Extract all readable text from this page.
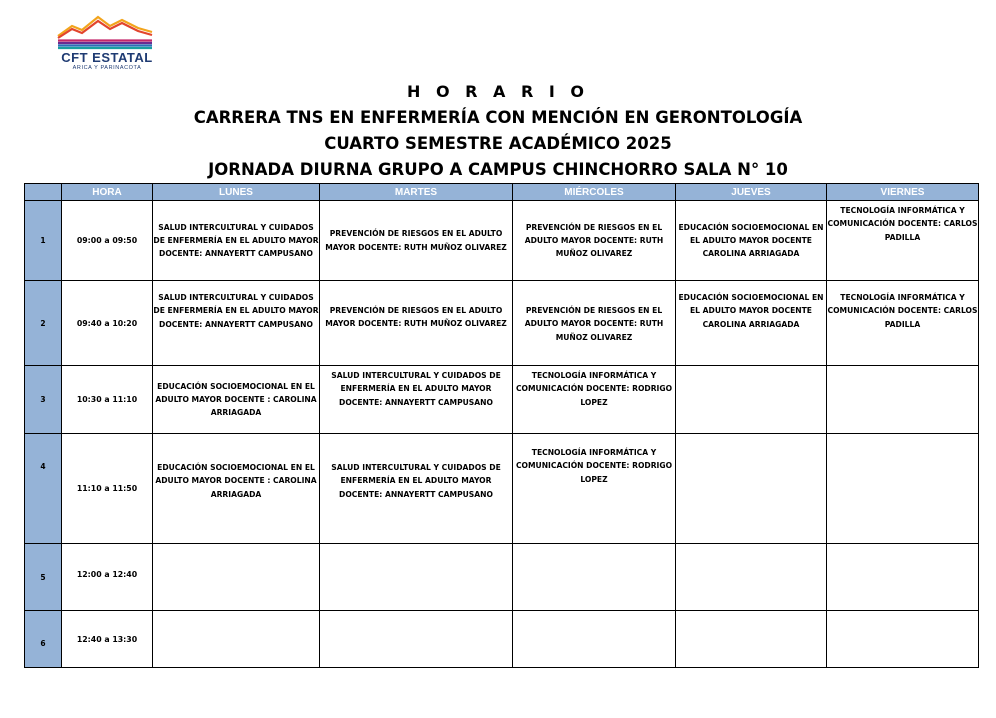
CFT ESTATAL
ARICA Y PARINACOTA
H O R A R I O
CARRERA TNS EN ENFERMERÍA CON MENCIÓN EN GERONTOLOGÍA
CUARTO SEMESTRE ACADÉMICO 2025
JORNADA DIURNA GRUPO A CAMPUS CHINCHORRO SALA N° 10
	HORA	LUNES	MARTES	MIÉRCOLES	JUEVES	VIERNES
1	09:00 a 09:50	SALUD INTERCULTURAL Y CUIDADOS DE ENFERMERÍA EN EL ADULTO MAYOR DOCENTE: ANNAYERTT CAMPUSANO	PREVENCIÓN DE RIESGOS EN EL ADULTO MAYOR DOCENTE: RUTH MUÑOZ OLIVAREZ	PREVENCIÓN DE RIESGOS EN EL ADULTO MAYOR DOCENTE: RUTH MUÑOZ OLIVAREZ	EDUCACIÓN SOCIOEMOCIONAL EN EL ADULTO MAYOR DOCENTE CAROLINA ARRIAGADA	TECNOLOGÍA INFORMÁTICA Y COMUNICACIÓN DOCENTE: CARLOS PADILLA
2	09:40 a 10:20	SALUD INTERCULTURAL Y CUIDADOS DE ENFERMERÍA EN EL ADULTO MAYOR DOCENTE: ANNAYERTT CAMPUSANO	PREVENCIÓN DE RIESGOS EN EL ADULTO MAYOR DOCENTE: RUTH MUÑOZ OLIVAREZ	PREVENCIÓN DE RIESGOS EN EL ADULTO MAYOR DOCENTE: RUTH MUÑOZ OLIVAREZ	EDUCACIÓN SOCIOEMOCIONAL EN EL ADULTO MAYOR DOCENTE CAROLINA ARRIAGADA	TECNOLOGÍA INFORMÁTICA Y COMUNICACIÓN DOCENTE: CARLOS PADILLA
3	10:30 a 11:10	EDUCACIÓN SOCIOEMOCIONAL EN EL ADULTO MAYOR DOCENTE : CAROLINA ARRIAGADA	SALUD INTERCULTURAL Y CUIDADOS DE ENFERMERÍA EN EL ADULTO MAYOR DOCENTE: ANNAYERTT CAMPUSANO	TECNOLOGÍA INFORMÁTICA Y COMUNICACIÓN DOCENTE: RODRIGO LOPEZ		
4	11:10 a 11:50	EDUCACIÓN SOCIOEMOCIONAL EN EL ADULTO MAYOR DOCENTE : CAROLINA ARRIAGADA	SALUD INTERCULTURAL Y CUIDADOS DE ENFERMERÍA EN EL ADULTO MAYOR DOCENTE: ANNAYERTT CAMPUSANO	TECNOLOGÍA INFORMÁTICA Y COMUNICACIÓN DOCENTE: RODRIGO LOPEZ		
5	12:00 a 12:40					
6	12:40 a 13:30					
